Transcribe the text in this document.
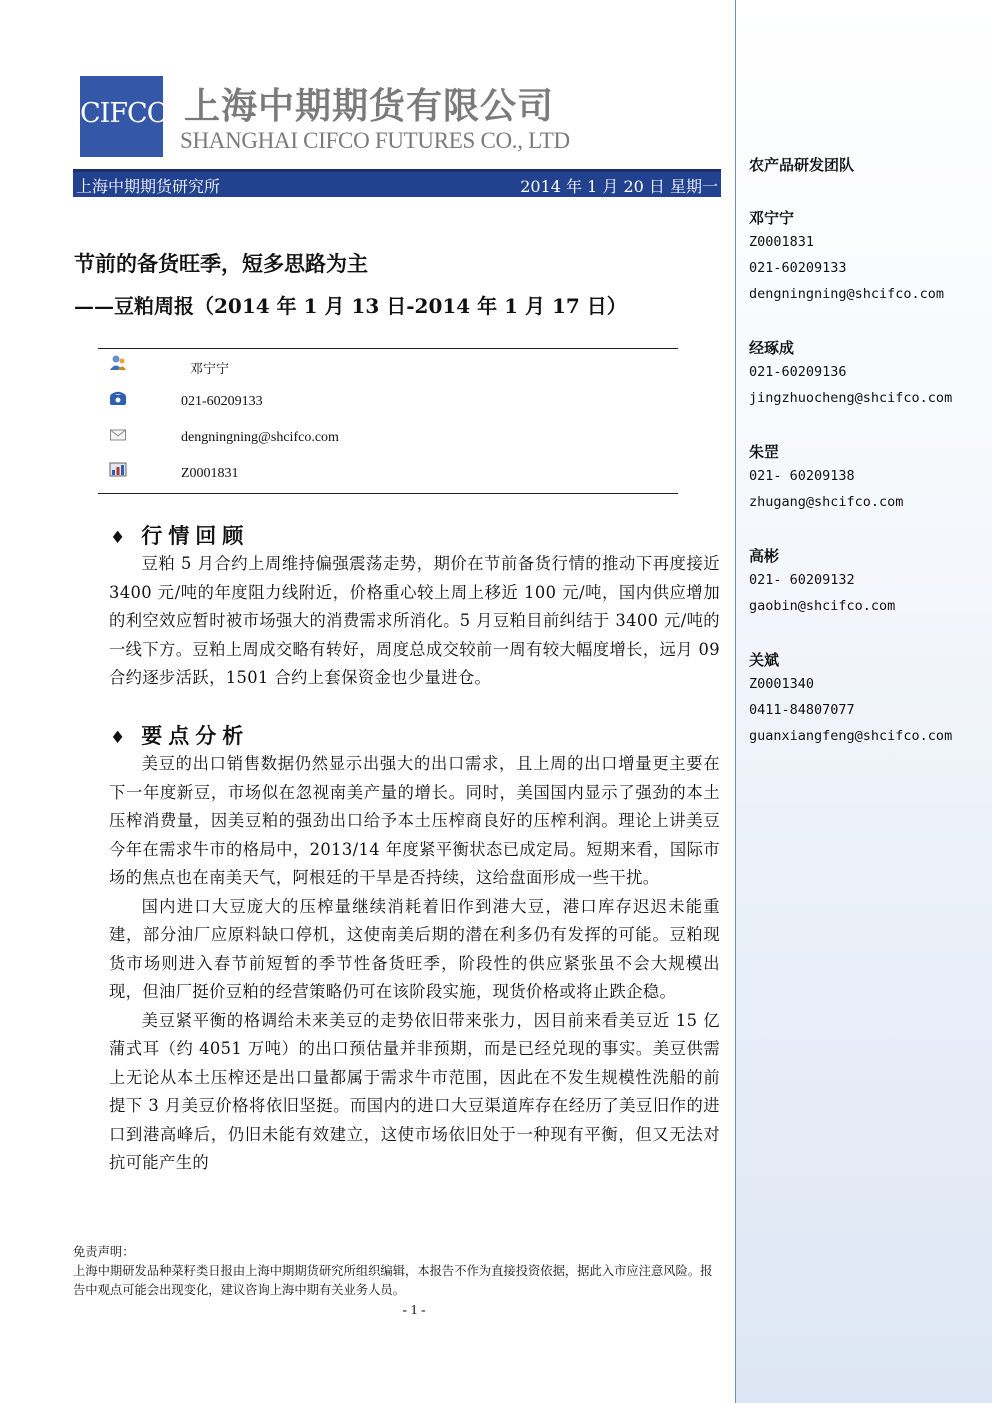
CIFCO 上海中期期货有限公司
SHANGHAI CIFCO FUTURES CO., LTD
上海中期期货研究所	2014 年 1 月 20 日 星期一
节前的备货旺季，短多思路为主
——豆粕周报（2014 年 1 月 13 日-2014 年 1 月 17 日）
邓宁宁
021-60209133
dengningning@shcifco.com
Z0001831
♦ 行情回顾

豆粕 5 月合约上周维持偏强震荡走势，期价在节前备货行情的推动下再度接近 3400 元/吨的年度阻力线附近，价格重心较上周上移近 100 元/吨，国内供应增加的利空效应暂时被市场强大的消费需求所消化。5 月豆粕目前纠结于 3400 元/吨的一线下方。豆粕上周成交略有转好，周度总成交较前一周有较大幅度增长，远月 09 合约逐步活跃，1501 合约上套保资金也少量进仓。

♦ 要点分析

美豆的出口销售数据仍然显示出强大的出口需求，且上周的出口增量更主要在下一年度新豆，市场似在忽视南美产量的增长。同时，美国国内显示了强劲的本土压榨消费量，因美豆粕的强劲出口给予本土压榨商良好的压榨利润。理论上讲美豆今年在需求牛市的格局中，2013/14 年度紧平衡状态已成定局。短期来看，国际市场的焦点也在南美天气，阿根廷的干旱是否持续，这给盘面形成一些干扰。

国内进口大豆庞大的压榨量继续消耗着旧作到港大豆，港口库存迟迟未能重建，部分油厂应原料缺口停机，这使南美后期的潜在利多仍有发挥的可能。豆粕现货市场则进入春节前短暂的季节性备货旺季，阶段性的供应紧张虽不会大规模出现，但油厂挺价豆粕的经营策略仍可在该阶段实施，现货价格或将止跌企稳。

美豆紧平衡的格调给未来美豆的走势依旧带来张力，因目前来看美豆近 15 亿蒲式耳（约 4051 万吨）的出口预估量并非预期，而是已经兑现的事实。美豆供需上无论从本土压榨还是出口量都属于需求牛市范围，因此在不发生规模性洗船的前提下 3 月美豆价格将依旧坚挺。而国内的进口大豆渠道库存在经历了美豆旧作的进口到港高峰后，仍旧未能有效建立，这使市场依旧处于一种现有平衡，但又无法对抗可能产生的

免责声明：
上海中期研发品种菜籽类日报由上海中期期货研究所组织编辑，本报告不作为直接投资依据，据此入市应注意风险。报告中观点可能会出现变化，建议咨询上海中期有关业务人员。
- 1 -
农产品研发团队
邓宁宁
Z0001831
021-60209133
dengningning@shcifco.com
经琢成
021-60209136
jingzhuocheng@shcifco.com
朱罡
021- 60209138
zhugang@shcifco.com
高彬
021- 60209132
gaobin@shcifco.com
关斌
Z0001340
0411-84807077
guanxiangfeng@shcifco.com
